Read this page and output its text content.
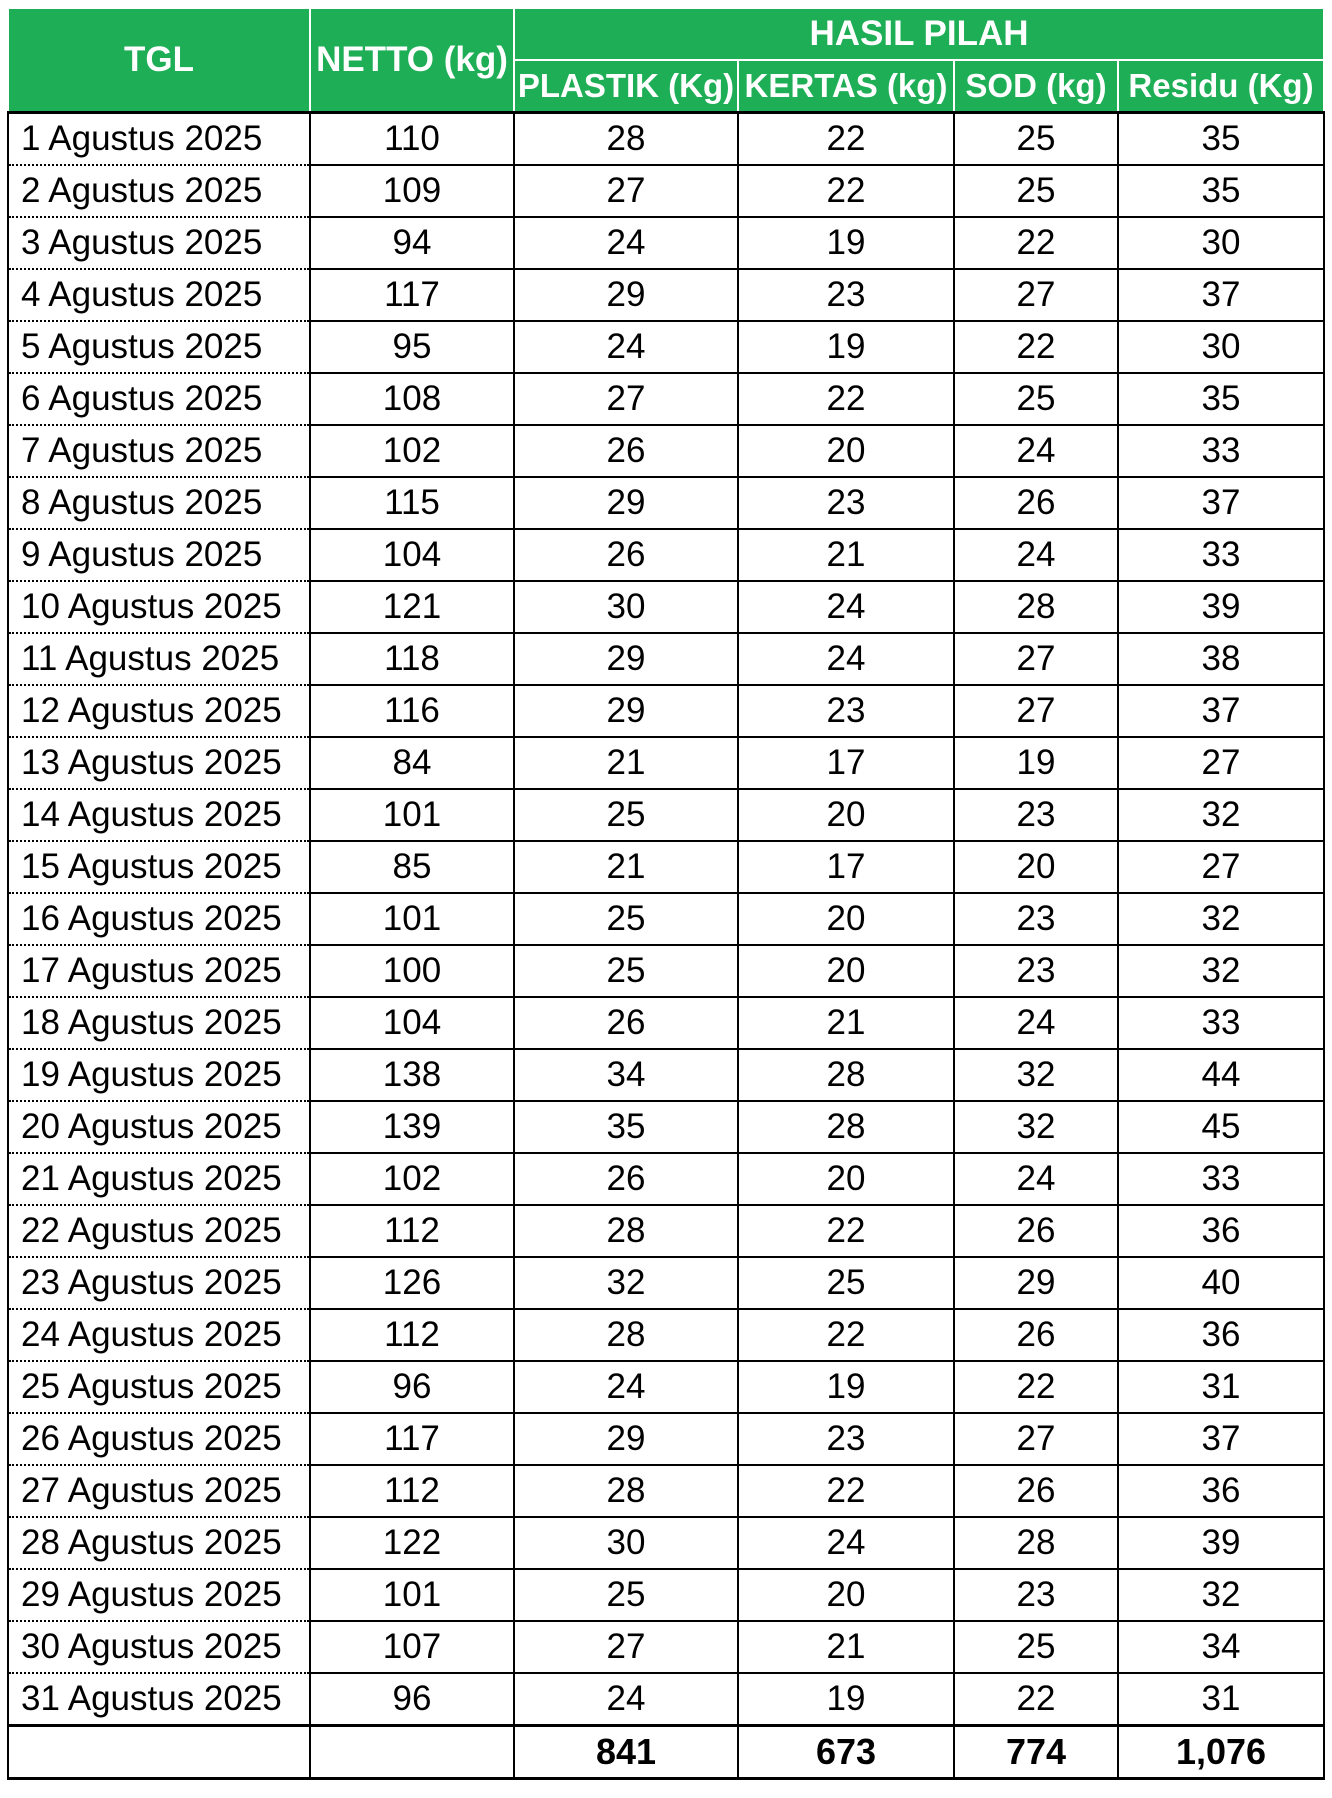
TGL	NETTO (kg)	HASIL PILAH			
		PLASTIK (Kg)	KERTAS (kg)	SOD (kg)	Residu (Kg)
1 Agustus 2025	110	28	22	25	35
2 Agustus 2025	109	27	22	25	35
3 Agustus 2025	94	24	19	22	30
4 Agustus 2025	117	29	23	27	37
5 Agustus 2025	95	24	19	22	30
6 Agustus 2025	108	27	22	25	35
7 Agustus 2025	102	26	20	24	33
8 Agustus 2025	115	29	23	26	37
9 Agustus 2025	104	26	21	24	33
10 Agustus 2025	121	30	24	28	39
11 Agustus 2025	118	29	24	27	38
12 Agustus 2025	116	29	23	27	37
13 Agustus 2025	84	21	17	19	27
14 Agustus 2025	101	25	20	23	32
15 Agustus 2025	85	21	17	20	27
16 Agustus 2025	101	25	20	23	32
17 Agustus 2025	100	25	20	23	32
18 Agustus 2025	104	26	21	24	33
19 Agustus 2025	138	34	28	32	44
20 Agustus 2025	139	35	28	32	45
21 Agustus 2025	102	26	20	24	33
22 Agustus 2025	112	28	22	26	36
23 Agustus 2025	126	32	25	29	40
24 Agustus 2025	112	28	22	26	36
25 Agustus 2025	96	24	19	22	31
26 Agustus 2025	117	29	23	27	37
27 Agustus 2025	112	28	22	26	36
28 Agustus 2025	122	30	24	28	39
29 Agustus 2025	101	25	20	23	32
30 Agustus 2025	107	27	21	25	34
31 Agustus 2025	96	24	19	22	31
		841	673	774	1,076
